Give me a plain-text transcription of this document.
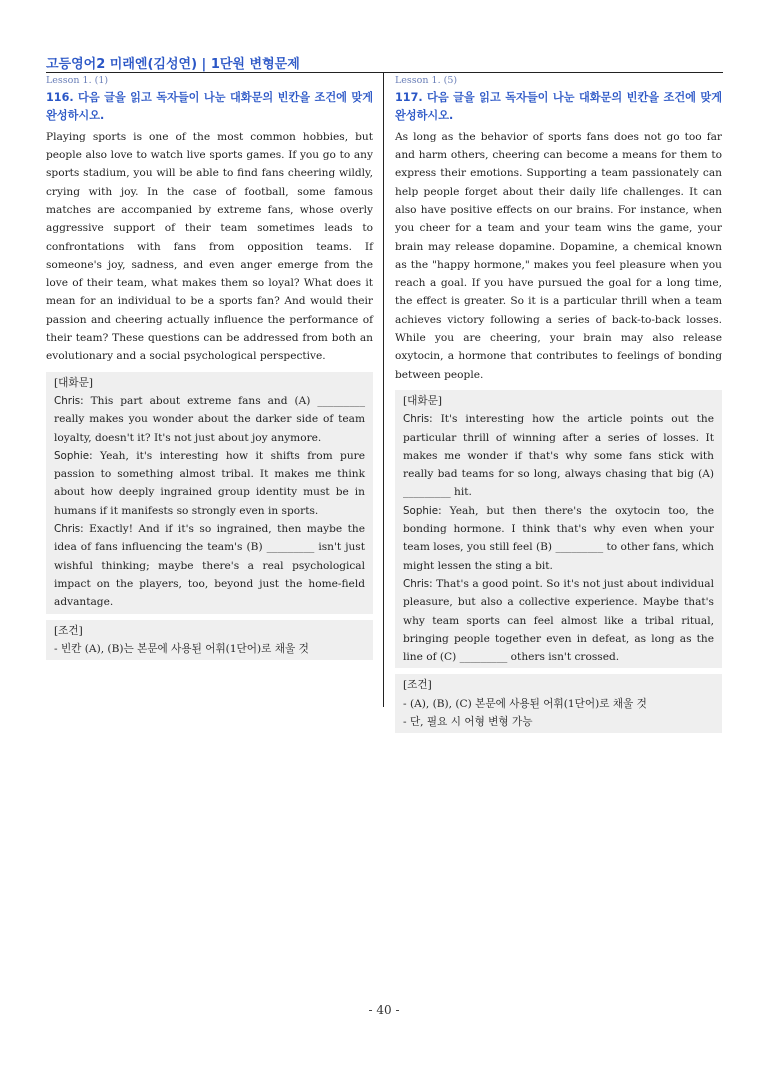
고등영어2 미래엔(김성연) | 1단원 변형문제
Lesson 1. (1)
116. 다음 글을 읽고 독자들이 나눈 대화문의 빈칸을 조건에 맞게 완성하시오.
Playing sports is one of the most common hobbies, but people also love to watch live sports games. If you go to any sports stadium, you will be able to find fans cheering wildly, crying with joy. In the case of football, some famous matches are accompanied by extreme fans, whose overly aggressive support of their team sometimes leads to confrontations with fans from opposition teams. If someone's joy, sadness, and even anger emerge from the love of their team, what makes them so loyal? What does it mean for an individual to be a sports fan? And would their passion and cheering actually influence the performance of their team? These questions can be addressed from both an evolutionary and a social psychological perspective.
[대화문]
Chris: This part about extreme fans and (A) _________ really makes you wonder about the darker side of team loyalty, doesn't it? It's not just about joy anymore.
Sophie: Yeah, it's interesting how it shifts from pure passion to something almost tribal. It makes me think about how deeply ingrained group identity must be in humans if it manifests so strongly even in sports.
Chris: Exactly! And if it's so ingrained, then maybe the idea of fans influencing the team's (B) _________ isn't just wishful thinking; maybe there's a real psychological impact on the players, too, beyond just the home-field advantage.
[조건]
- 빈칸 (A), (B)는 본문에 사용된 어휘(1단어)로 채울 것
Lesson 1. (5)
117. 다음 글을 읽고 독자들이 나눈 대화문의 빈칸을 조건에 맞게 완성하시오.
As long as the behavior of sports fans does not go too far and harm others, cheering can become a means for them to express their emotions. Supporting a team passionately can help people forget about their daily life challenges. It can also have positive effects on our brains. For instance, when you cheer for a team and your team wins the game, your brain may release dopamine. Dopamine, a chemical known as the "happy hormone," makes you feel pleasure when you reach a goal. If you have pursued the goal for a long time, the effect is greater. So it is a particular thrill when a team achieves victory following a series of back-to-back losses. While you are cheering, your brain may also release oxytocin, a hormone that contributes to feelings of bonding between people.
[대화문]
Chris: It's interesting how the article points out the particular thrill of winning after a series of losses. It makes me wonder if that's why some fans stick with really bad teams for so long, always chasing that big (A) _________ hit.
Sophie: Yeah, but then there's the oxytocin too, the bonding hormone. I think that's why even when your team loses, you still feel (B) _________ to other fans, which might lessen the sting a bit.
Chris: That's a good point. So it's not just about individual pleasure, but also a collective experience. Maybe that's why team sports can feel almost like a tribal ritual, bringing people together even in defeat, as long as the line of (C) _________ others isn't crossed.
[조건]
- (A), (B), (C) 본문에 사용된 어휘(1단어)로 채울 것
- 단, 필요 시 어형 변형 가능
- 40 -
